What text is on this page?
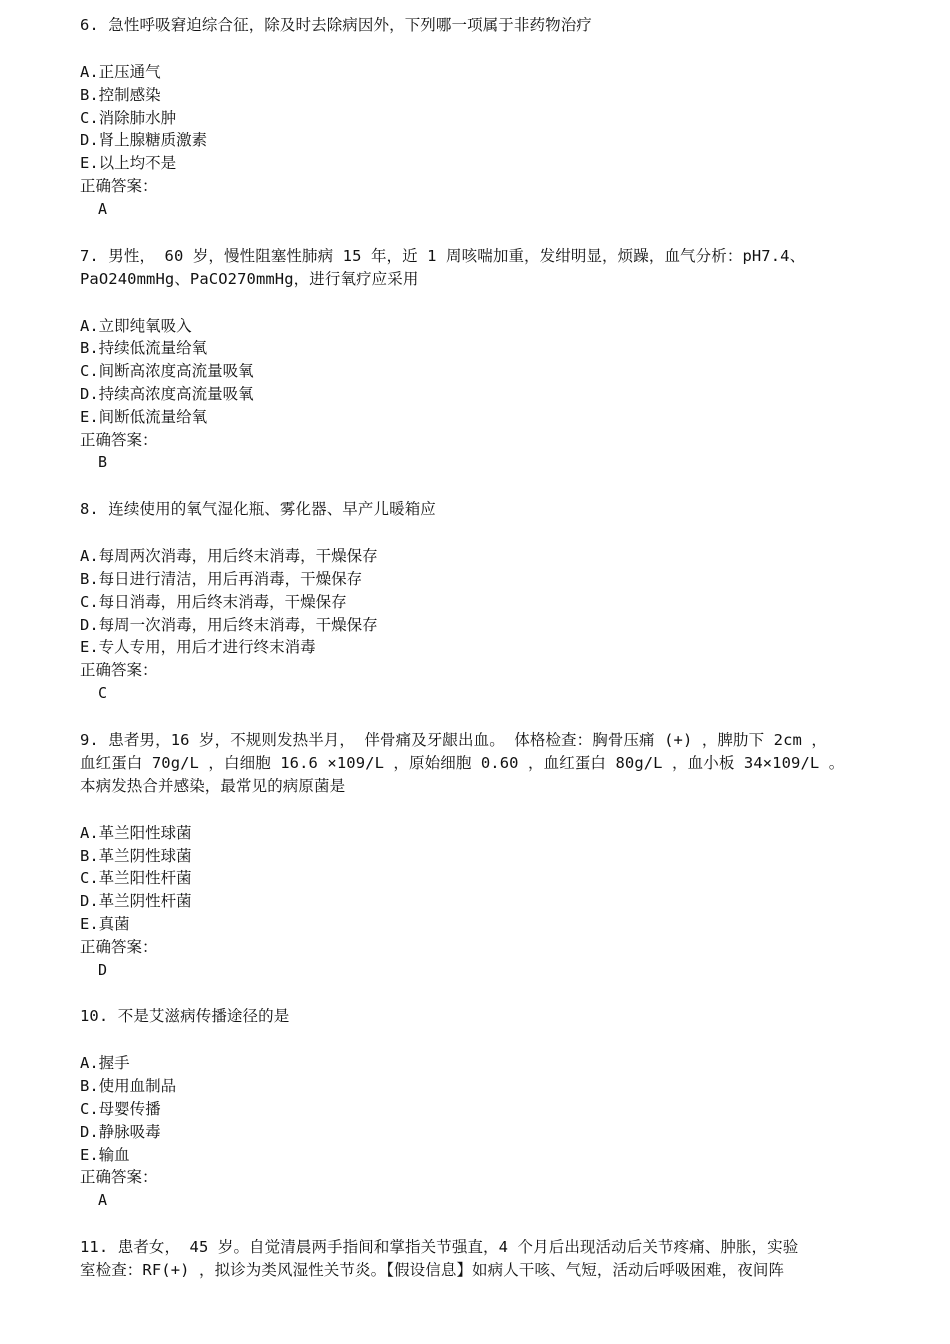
6. 急性呼吸窘迫综合征，除及时去除病因外，下列哪一项属于非药物治疗

A.正压通气

B.控制感染

C.消除肺水肿

D.肾上腺糖质激素

E.以上均不是

正确答案：

A

7. 男性， 60 岁，慢性阻塞性肺病 15 年，近 1 周咳喘加重，发绀明显，烦躁，血气分析：pH7.4、
PaO240mmHg、PaCO270mmHg，进行氧疗应采用

A.立即纯氧吸入

B.持续低流量给氧

C.间断高浓度高流量吸氧

D.持续高浓度高流量吸氧

E.间断低流量给氧

正确答案：

B

8. 连续使用的氧气湿化瓶、雾化器、早产儿暖箱应

A.每周两次消毒，用后终末消毒，干燥保存

B.每日进行清洁，用后再消毒，干燥保存

C.每日消毒，用后终末消毒，干燥保存

D.每周一次消毒，用后终末消毒，干燥保存

E.专人专用，用后才进行终末消毒

正确答案：

C

9. 患者男，16 岁，不规则发热半月， 伴骨痛及牙龈出血。 体格检查：胸骨压痛 (+) ，脾肋下 2cm ，
血红蛋白 70g/L ，白细胞 16.6 ×109/L ，原始细胞 0.60 ，血红蛋白 80g/L ，血小板 34×109/L 。
本病发热合并感染，最常见的病原菌是

A.革兰阳性球菌

B.革兰阴性球菌

C.革兰阳性杆菌

D.革兰阴性杆菌

E.真菌

正确答案：

D

10. 不是艾滋病传播途径的是

A.握手

B.使用血制品

C.母婴传播

D.静脉吸毒

E.输血

正确答案：

A

11. 患者女， 45 岁。自觉清晨两手指间和掌指关节强直，4 个月后出现活动后关节疼痛、肿胀，实验
室检查：RF(+) ，拟诊为类风湿性关节炎。【假设信息】如病人干咳、气短，活动后呼吸困难，夜间阵
